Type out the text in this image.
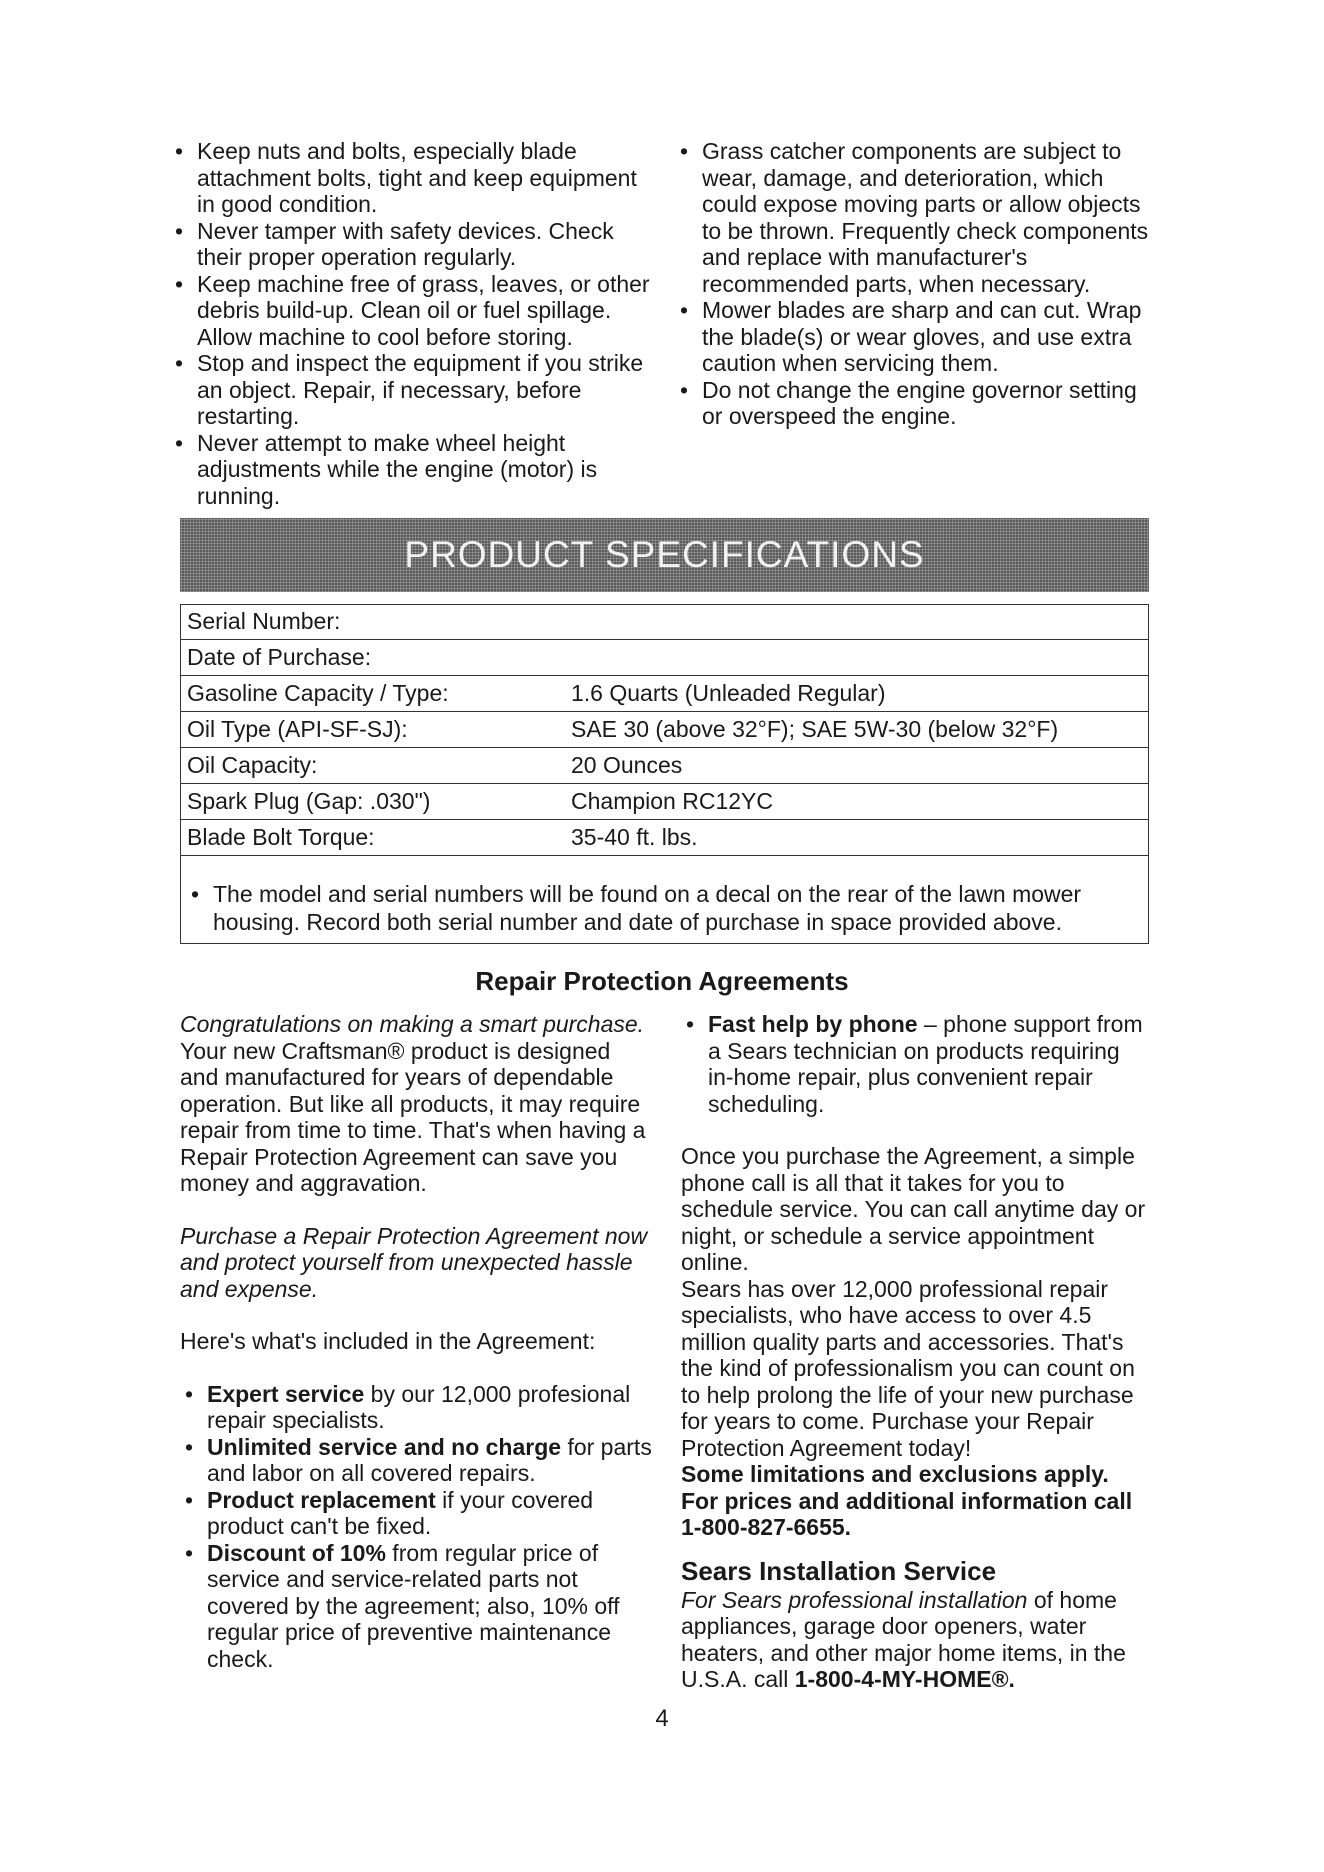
• Keep nuts and bolts, especially blade attachment bolts, tight and keep equipment in good condition.
• Never tamper with safety devices. Check their proper operation regularly.
• Keep machine free of grass, leaves, or other debris build-up. Clean oil or fuel spillage. Allow machine to cool before storing.
• Stop and inspect the equipment if you strike an object. Repair, if necessary, before restarting.
• Never attempt to make wheel height adjustments while the engine (motor) is running.
• Grass catcher components are subject to wear, damage, and deterioration, which could expose moving parts or allow objects to be thrown. Frequently check components and replace with manufacturer's recommended parts, when necessary.
• Mower blades are sharp and can cut. Wrap the blade(s) or wear gloves, and use extra caution when servicing them.
• Do not change the engine governor setting or overspeed the engine.
PRODUCT SPECIFICATIONS
Serial Number:	
Date of Purchase:	
Gasoline Capacity / Type:	1.6 Quarts (Unleaded Regular)
Oil Type (API-SF-SJ):	SAE 30 (above 32°F); SAE 5W-30 (below 32°F)
Oil Capacity:	20 Ounces
Spark Plug (Gap: .030")	Champion RC12YC
Blade Bolt Torque:	35-40 ft. lbs.

• The model and serial numbers will be found on a decal on the rear of the lawn mower housing. Record both serial number and date of purchase in space provided above.
Repair Protection Agreements

Congratulations on making a smart purchase. Your new Craftsman® product is designed and manufactured for years of dependable operation. But like all products, it may require repair from time to time. That's when having a Repair Protection Agreement can save you money and aggravation.

Purchase a Repair Protection Agreement now and protect yourself from unexpected hassle and expense.

Here's what's included in the Agreement:

• Expert service by our 12,000 profesional repair specialists.
• Unlimited service and no charge for parts and labor on all covered repairs.
• Product replacement if your covered product can't be fixed.
• Discount of 10% from regular price of service and service-related parts not covered by the agreement; also, 10% off regular price of preventive maintenance check.
• Fast help by phone – phone support from a Sears technician on products requiring in-home repair, plus convenient repair scheduling.

Once you purchase the Agreement, a simple phone call is all that it takes for you to schedule service. You can call anytime day or night, or schedule a service appointment online.

Sears has over 12,000 professional repair specialists, who have access to over 4.5 million quality parts and accessories. That's the kind of professionalism you can count on to help prolong the life of your new purchase for years to come. Purchase your Repair Protection Agreement today!

Some limitations and exclusions apply. For prices and additional information call 1-800-827-6655.

Sears Installation Service

For Sears professional installation of home appliances, garage door openers, water heaters, and other major home items, in the U.S.A. call 1-800-4-MY-HOME®.

4
